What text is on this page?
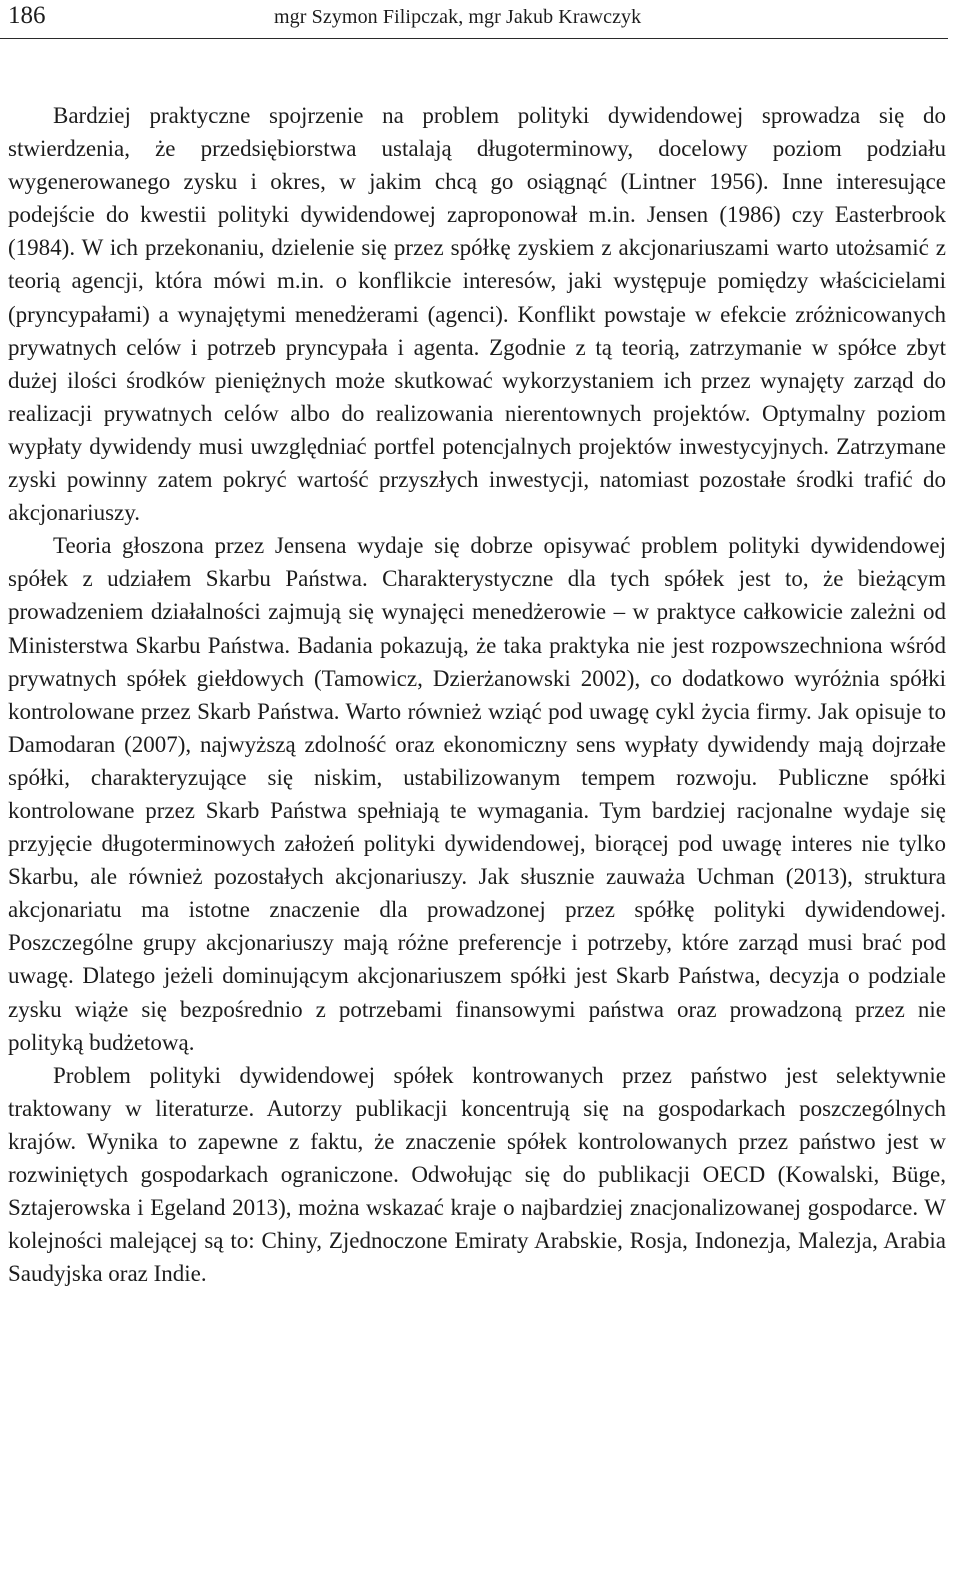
186	mgr Szymon Filipczak, mgr Jakub Krawczyk

Bardziej praktyczne spojrzenie na problem polityki dywidendowej sprowadza się do stwierdzenia, że przedsiębiorstwa ustalają długoterminowy, docelowy poziom podziału wygenerowanego zysku i okres, w jakim chcą go osiągnąć (Lintner 1956). Inne interesujące podejście do kwestii polityki dywidendowej zaproponował m.in. Jensen (1986) czy Easterbrook (1984). W ich przekonaniu, dzielenie się przez spółkę zyskiem z akcjonariuszami warto utożsamić z teorią agencji, która mówi m.in. o konflikcie interesów, jaki występuje pomiędzy właścicielami (pryncypałami) a wynajętymi menedżerami (agenci). Konflikt powstaje w efekcie zróżnicowanych prywatnych celów i potrzeb pryncypała i agenta. Zgodnie z tą teorią, zatrzymanie w spółce zbyt dużej ilości środków pieniężnych może skutkować wykorzystaniem ich przez wynajęty zarząd do realizacji prywatnych celów albo do realizowania nierentownych projektów. Optymalny poziom wypłaty dywidendy musi uwzględniać portfel potencjalnych projektów inwestycyjnych. Zatrzymane zyski powinny zatem pokryć wartość przyszłych inwestycji, natomiast pozostałe środki trafić do akcjonariuszy.

Teoria głoszona przez Jensena wydaje się dobrze opisywać problem polityki dywidendowej spółek z udziałem Skarbu Państwa. Charakterystyczne dla tych spółek jest to, że bieżącym prowadzeniem działalności zajmują się wynajęci menedżerowie – w praktyce całkowicie zależni od Ministerstwa Skarbu Państwa. Badania pokazują, że taka praktyka nie jest rozpowszechniona wśród prywatnych spółek giełdowych (Tamowicz, Dzierżanowski 2002), co dodatkowo wyróżnia spółki kontrolowane przez Skarb Państwa. Warto również wziąć pod uwagę cykl życia firmy. Jak opisuje to Damodaran (2007), najwyższą zdolność oraz ekonomiczny sens wypłaty dywidendy mają dojrzałe spółki, charakteryzujące się niskim, ustabilizowanym tempem rozwoju. Publiczne spółki kontrolowane przez Skarb Państwa spełniają te wymagania. Tym bardziej racjonalne wydaje się przyjęcie długoterminowych założeń polityki dywidendowej, biorącej pod uwagę interes nie tylko Skarbu, ale również pozostałych akcjonariuszy. Jak słusznie zauważa Uchman (2013), struktura akcjonariatu ma istotne znaczenie dla prowadzonej przez spółkę polityki dywidendowej. Poszczególne grupy akcjonariuszy mają różne preferencje i potrzeby, które zarząd musi brać pod uwagę. Dlatego jeżeli dominującym akcjonariuszem spółki jest Skarb Państwa, decyzja o podziale zysku wiąże się bezpośrednio z potrzebami finansowymi państwa oraz prowadzoną przez nie polityką budżetową.

Problem polityki dywidendowej spółek kontrowanych przez państwo jest selektywnie traktowany w literaturze. Autorzy publikacji koncentrują się na gospodarkach poszczególnych krajów. Wynika to zapewne z faktu, że znaczenie spółek kontrolowanych przez państwo jest w rozwiniętych gospodarkach ograniczone. Odwołując się do publikacji OECD (Kowalski, Büge, Sztajerowska i Egeland 2013), można wskazać kraje o najbardziej znacjonalizowanej gospodarce. W kolejności malejącej są to: Chiny, Zjednoczone Emiraty Arabskie, Rosja, Indonezja, Malezja, Arabia Saudyjska oraz Indie.
